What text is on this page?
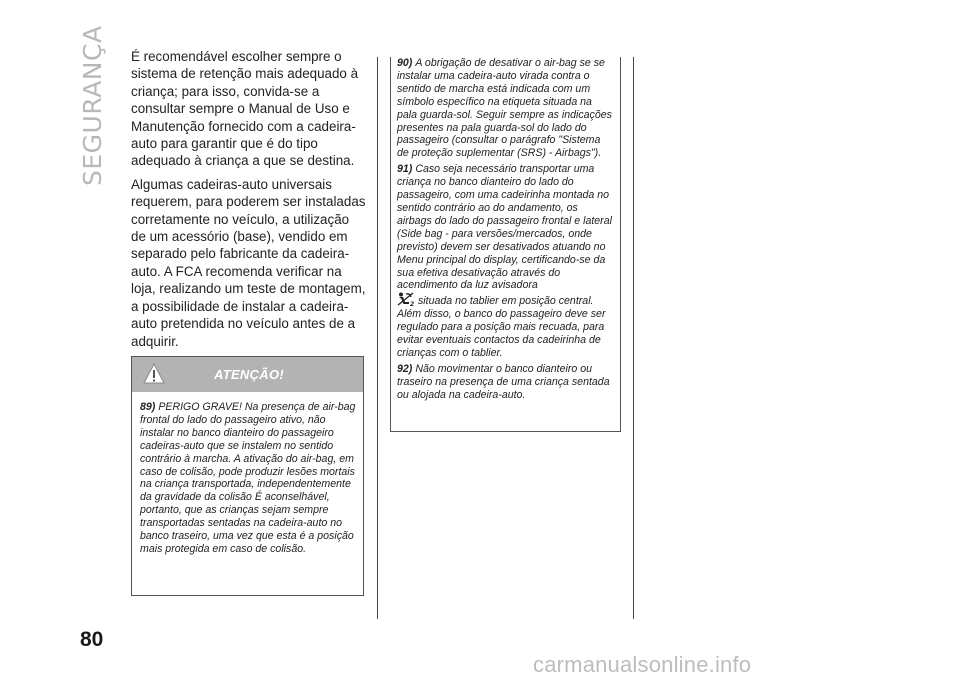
SEGURANÇA É recomendável escolher sempre o sistema de retenção mais adequado à criança; para isso, convida-se a consultar sempre o Manual de Uso e Manutenção fornecido com a cadeira-auto para garantir que é do tipo adequado à criança a que se destina.

Algumas cadeiras-auto universais requerem, para poderem ser instaladas corretamente no veículo, a utilização de um acessório (base), vendido em separado pelo fabricante da cadeira-auto. A FCA recomenda verificar na loja, realizando um teste de montagem, a possibilidade de instalar a cadeira-auto pretendida no veículo antes de a adquirir.

ATENÇÃO!

89) PERIGO GRAVE! Na presença de air-bag frontal do lado do passageiro ativo, não instalar no banco dianteiro do passageiro cadeiras-auto que se instalem no sentido contrário à marcha. A ativação do air-bag, em caso de colisão, pode produzir lesões mortais na criança transportada, independentemente da gravidade da colisão É aconselhável, portanto, que as crianças sejam sempre transportadas sentadas na cadeira-auto no banco traseiro, uma vez que esta é a posição mais protegida em caso de colisão.

90) A obrigação de desativar o air-bag se se instalar uma cadeira-auto virada contra o sentido de marcha está indicada com um símbolo específico na etiqueta situada na pala guarda-sol. Seguir sempre as indicações presentes na pala guarda-sol do lado do passageiro (consultar o parágrafo "Sistema de proteção suplementar (SRS) - Airbags").

91) Caso seja necessário transportar uma criança no banco dianteiro do lado do passageiro, com uma cadeirinha montada no sentido contrário ao do andamento, os airbags do lado do passageiro frontal e lateral (Side bag - para versões/mercados, onde previsto) devem ser desativados atuando no Menu principal do display, certificando-se da sua efetiva desativação através do acendimento da luz avisadora

2 situada no tablier em posição central. Além disso, o banco do passageiro deve ser regulado para a posição mais recuada, para evitar eventuais contactos da cadeirinha de crianças com o tablier.

92) Não movimentar o banco dianteiro ou traseiro na presença de uma criança sentada ou alojada na cadeira-auto.

80
carmanualsonline.info
